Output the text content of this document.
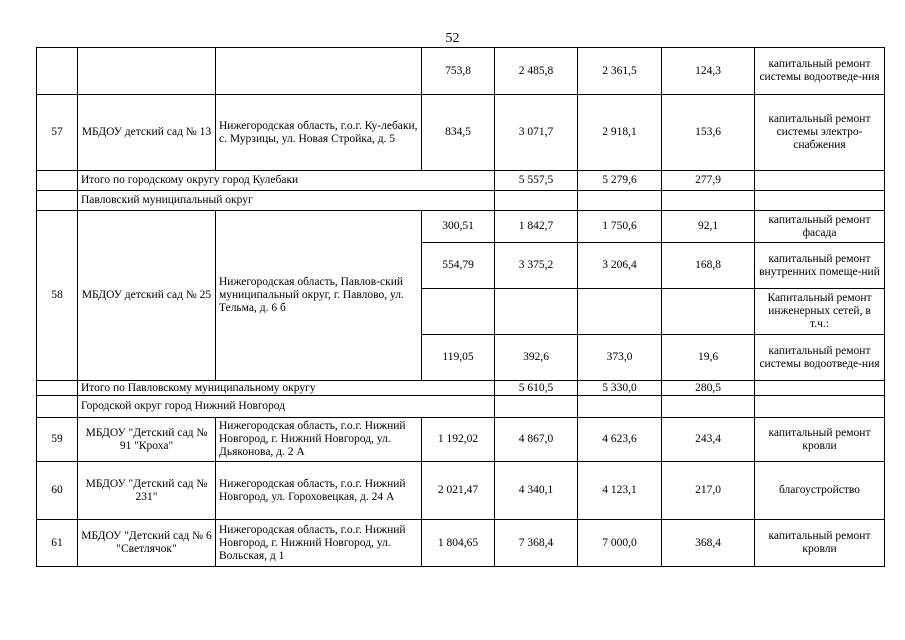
52
			753,8	2 485,8	2 361,5	124,3	капитальный ремонт системы водоотведе-ния
57	МБДОУ детский сад № 13	Нижегородская область, г.о.г. Ку-лебаки, с. Мурзицы, ул. Новая Стройка, д. 5	834,5	3 071,7	2 918,1	153,6	капитальный ремонт системы электро-снабжения
	Итого по городскому округу город Кулебаки			5 557,5	5 279,6	277,9	
	Павловский муниципальный округ						
58	МБДОУ детский сад № 25	Нижегородская область, Павлов-ский муниципальный округ, г. Павлово, ул. Тельма, д. 6 б	300,51	1 842,7	1 750,6	92,1	капитальный ремонт фасада
			554,79	3 375,2	3 206,4	168,8	капитальный ремонт внутренних помеще-ний
							Капитальный ремонт инженерных сетей, в т.ч.:
			119,05	392,6	373,0	19,6	капитальный ремонт системы водоотведе-ния
	Итого по Павловскому муниципальному округу			5 610,5	5 330,0	280,5	
	Городской округ город Нижний Новгород						
59	МБДОУ "Детский сад № 91 "Кроха"	Нижегородская область, г.о.г. Нижний Новгород, г. Нижний Новгород, ул. Дьяконова, д. 2 А	1 192,02	4 867,0	4 623,6	243,4	капитальный ремонт кровли
60	МБДОУ "Детский сад № 231"	Нижегородская область, г.о.г. Нижний Новгород, ул. Гороховецкая, д. 24 А	2 021,47	4 340,1	4 123,1	217,0	благоустройство
61	МБДОУ "Детский сад № 6 "Светлячок"	Нижегородская область, г.о.г. Нижний Новгород, г. Нижний Новгород, ул. Вольская, д 1	1 804,65	7 368,4	7 000,0	368,4	капитальный ремонт кровли
